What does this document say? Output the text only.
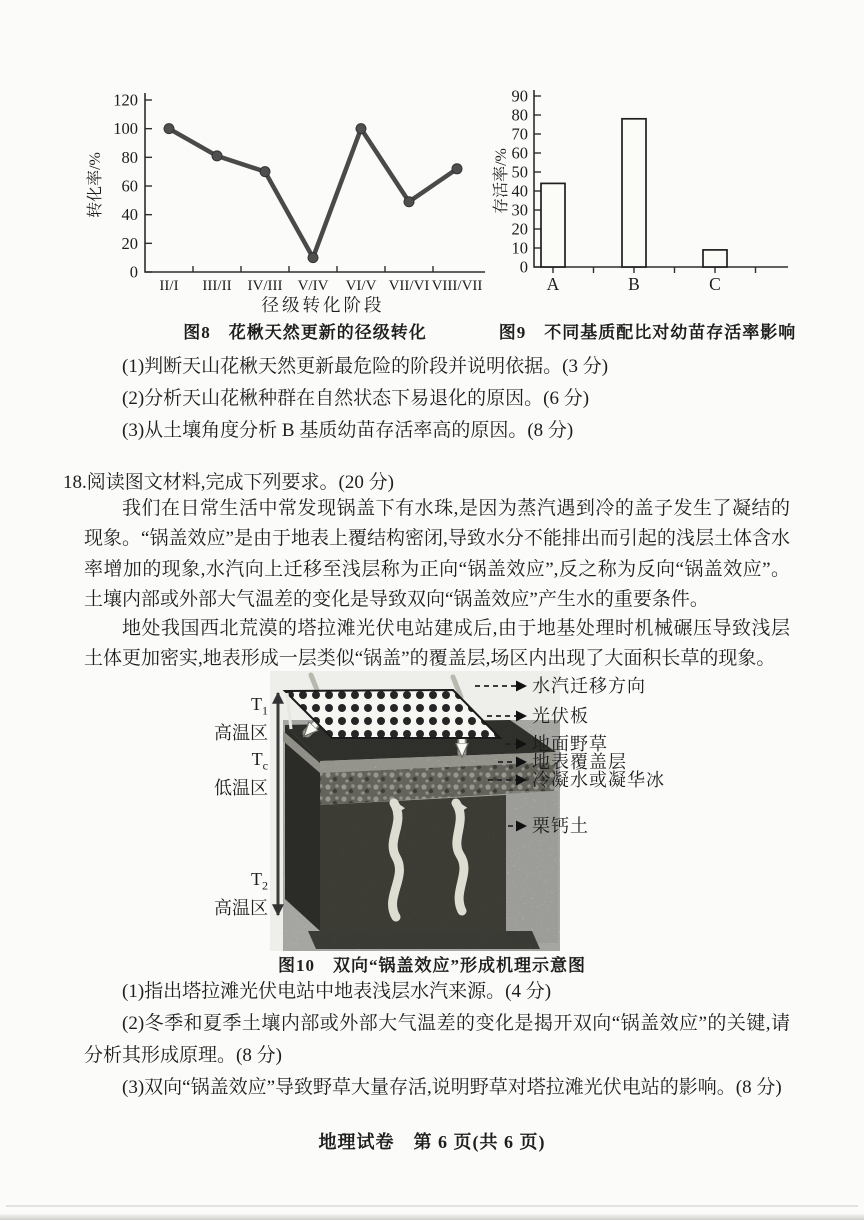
0
20
40
60
80
100
120
II/I III/II IV/III V/IV VI/V VII/VI VIII/VII
转化率/%
径级转化阶段
图8　花楸天然更新的径级转化
0
10
20
30
40
50
60
70
80
90
A	B	C
存活率/%
图9　不同基质配比对幼苗存活率影响

(1)判断天山花楸天然更新最危险的阶段并说明依据。(3 分)

(2)分析天山花楸种群在自然状态下易退化的原因。(6 分)

(3)从土壤角度分析 B 基质幼苗存活率高的原因。(8 分)

18.阅读图文材料,完成下列要求。(20 分)

我们在日常生活中常发现锅盖下有水珠,是因为蒸汽遇到冷的盖子发生了凝结的现象。“锅盖效应”是由于地表上覆结构密闭,导致水分不能排出而引起的浅层土体含水率增加的现象,水汽向上迁移至浅层称为正向“锅盖效应”,反之称为反向“锅盖效应”。土壤内部或外部大气温差的变化是导致双向“锅盖效应”产生水的重要条件。

地处我国西北荒漠的塔拉滩光伏电站建成后,由于地基处理时机械碾压导致浅层土体更加密实,地表形成一层类似“锅盖”的覆盖层,场区内出现了大面积长草的现象。

$T_1$
高温区
$T_c$
低温区
$T_2$
高温区
水汽迁移方向
光伏板
地面野草
地表覆盖层
冷凝水或凝华冰
栗钙土
图10　双向“锅盖效应”形成机理示意图

(1)指出塔拉滩光伏电站中地表浅层水汽来源。(4 分)

(2)冬季和夏季土壤内部或外部大气温差的变化是揭开双向“锅盖效应”的关键,请分析其形成原理。(8 分)

(3)双向“锅盖效应”导致野草大量存活,说明野草对塔拉滩光伏电站的影响。(8 分)

地理试卷　第 6 页(共 6 页)
